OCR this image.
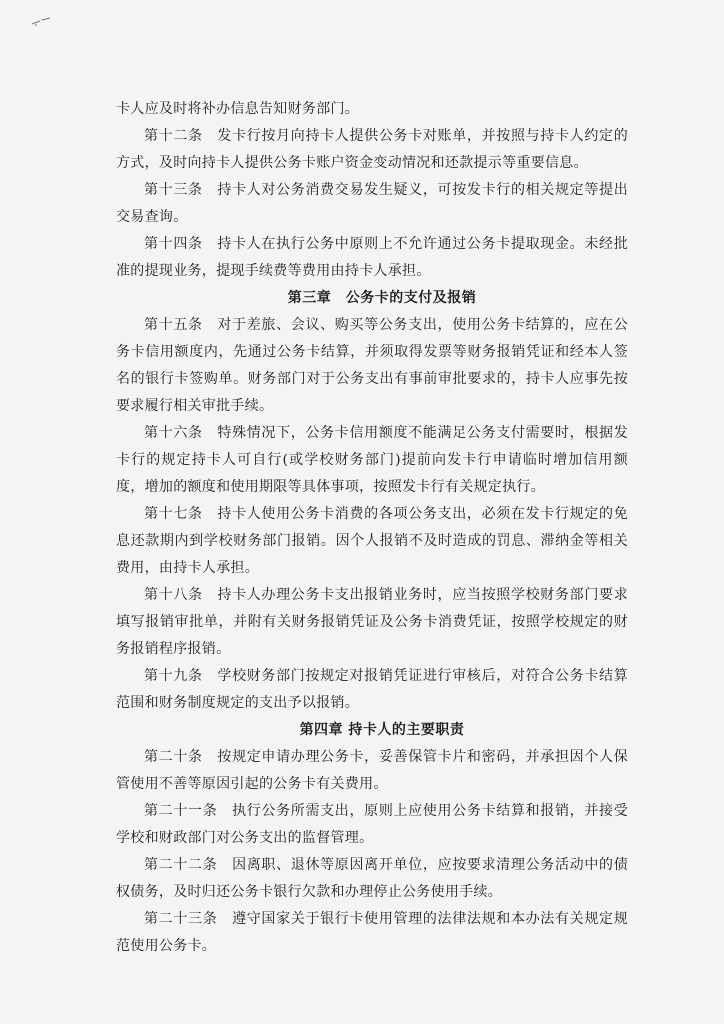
卡人应及时将补办信息告知财务部门。

第十二条　发卡行按月向持卡人提供公务卡对账单，并按照与持卡人约定的方式，及时向持卡人提供公务卡账户资金变动情况和还款提示等重要信息。

第十三条　持卡人对公务消费交易发生疑义，可按发卡行的相关规定等提出交易查询。

第十四条　持卡人在执行公务中原则上不允许通过公务卡提取现金。未经批准的提现业务，提现手续费等费用由持卡人承担。

第三章　公务卡的支付及报销

第十五条　对于差旅、会议、购买等公务支出，使用公务卡结算的，应在公务卡信用额度内，先通过公务卡结算，并须取得发票等财务报销凭证和经本人签名的银行卡签购单。财务部门对于公务支出有事前审批要求的，持卡人应事先按要求履行相关审批手续。

第十六条　特殊情况下，公务卡信用额度不能满足公务支付需要时，根据发卡行的规定持卡人可自行(或学校财务部门)提前向发卡行申请临时增加信用额度，增加的额度和使用期限等具体事项，按照发卡行有关规定执行。

第十七条　持卡人使用公务卡消费的各项公务支出，必须在发卡行规定的免息还款期内到学校财务部门报销。因个人报销不及时造成的罚息、滞纳金等相关费用，由持卡人承担。

第十八条　持卡人办理公务卡支出报销业务时，应当按照学校财务部门要求填写报销审批单，并附有关财务报销凭证及公务卡消费凭证，按照学校规定的财务报销程序报销。

第十九条　学校财务部门按规定对报销凭证进行审核后，对符合公务卡结算范围和财务制度规定的支出予以报销。

第四章 持卡人的主要职责

第二十条　按规定申请办理公务卡，妥善保管卡片和密码，并承担因个人保管使用不善等原因引起的公务卡有关费用。

第二十一条　执行公务所需支出，原则上应使用公务卡结算和报销，并接受学校和财政部门对公务支出的监督管理。

第二十二条　因离职、退休等原因离开单位，应按要求清理公务活动中的债权债务，及时归还公务卡银行欠款和办理停止公务使用手续。

第二十三条　遵守国家关于银行卡使用管理的法律法规和本办法有关规定规范使用公务卡。
